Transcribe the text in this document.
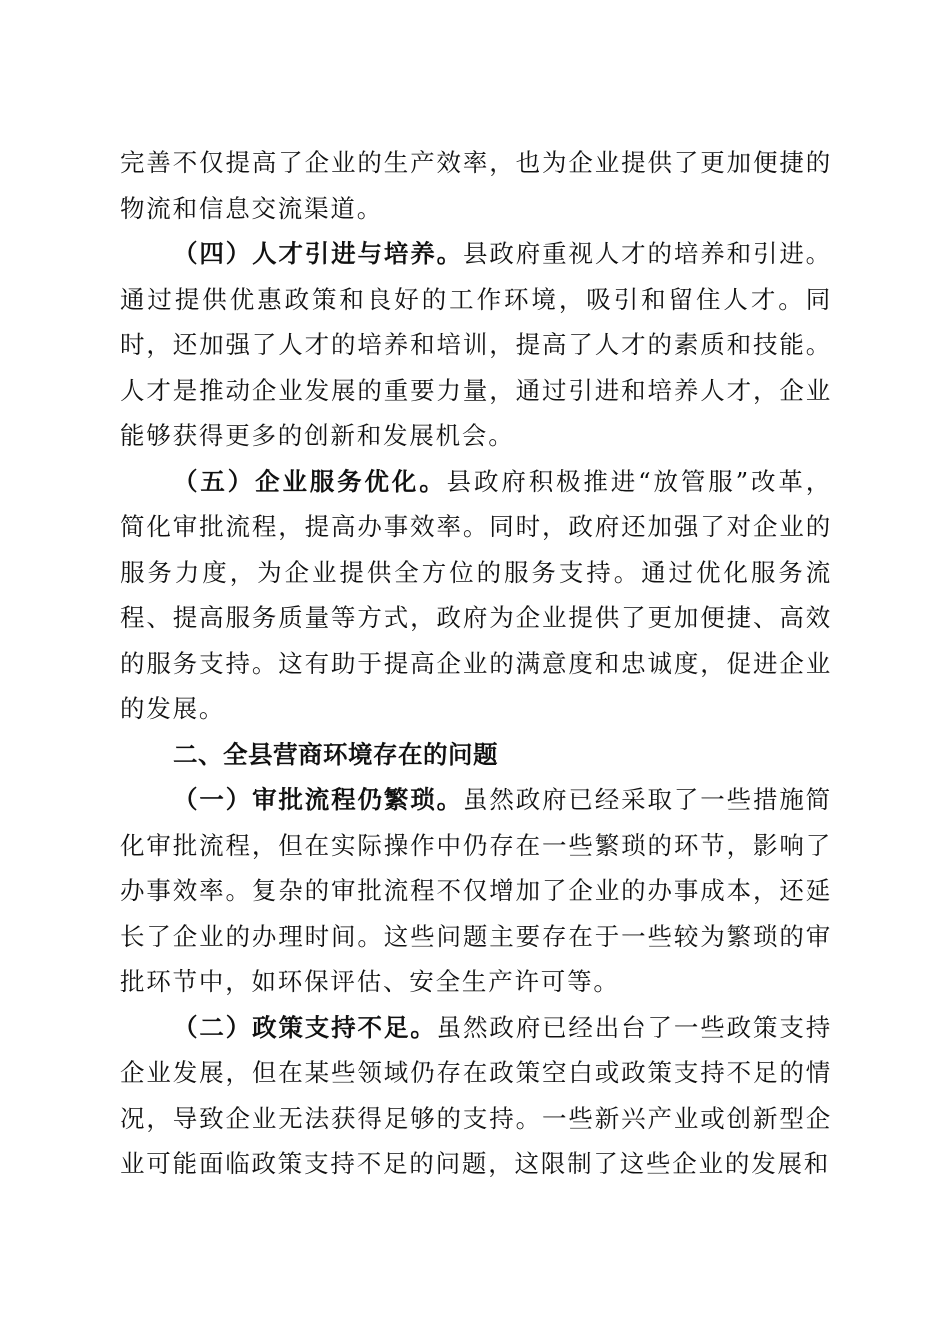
完善不仅提高了企业的生产效率，也为企业提供了更加便捷的物流和信息交流渠道。

（四）人才引进与培养。县政府重视人才的培养和引进。通过提供优惠政策和良好的工作环境，吸引和留住人才。同时，还加强了人才的培养和培训，提高了人才的素质和技能。人才是推动企业发展的重要力量，通过引进和培养人才，企业能够获得更多的创新和发展机会。

（五）企业服务优化。县政府积极推进“放管服”改革，简化审批流程，提高办事效率。同时，政府还加强了对企业的服务力度，为企业提供全方位的服务支持。通过优化服务流程、提高服务质量等方式，政府为企业提供了更加便捷、高效的服务支持。这有助于提高企业的满意度和忠诚度，促进企业的发展。

二、全县营商环境存在的问题

（一）审批流程仍繁琐。虽然政府已经采取了一些措施简化审批流程，但在实际操作中仍存在一些繁琐的环节，影响了办事效率。复杂的审批流程不仅增加了企业的办事成本，还延长了企业的办理时间。这些问题主要存在于一些较为繁琐的审批环节中，如环保评估、安全生产许可等。

（二）政策支持不足。虽然政府已经出台了一些政策支持企业发展，但在某些领域仍存在政策空白或政策支持不足的情况，导致企业无法获得足够的支持。一些新兴产业或创新型企业可能面临政策支持不足的问题，这限制了这些企业的发展和
